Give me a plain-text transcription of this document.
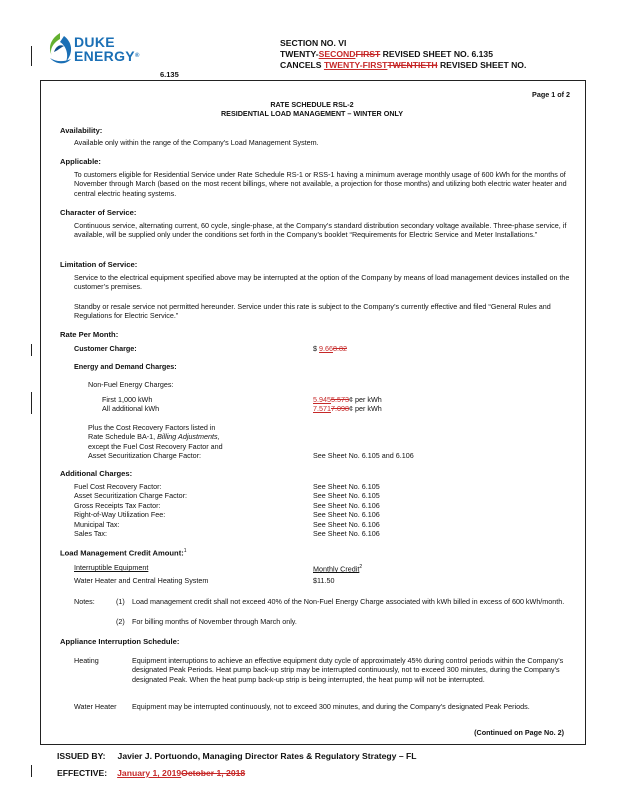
DUKE
ENERGY®
SECTION NO. VI
TWENTY-SECONDFIRST REVISED SHEET NO. 6.135
CANCELS TWENTY-FIRSTTWENTIETH REVISED SHEET NO.
6.135
Page 1 of 2
RATE SCHEDULE RSL-2
RESIDENTIAL LOAD MANAGEMENT – WINTER ONLY
Availability:
Available only within the range of the Company’s Load Management System.
Applicable:
To customers eligible for Residential Service under Rate Schedule RS-1 or RSS-1 having a minimum average monthly usage of 600 kWh for the months of November through March (based on the most recent billings, where not available, a projection for those months) and utilizing both electric water heater and central electric heating systems.
Character of Service:
Continuous service, alternating current, 60 cycle, single-phase, at the Company’s standard distribution secondary voltage available. Three-phase service, if available, will be supplied only under the conditions set forth in the Company’s booklet “Requirements for Electric Service and Meter Installations.”
Limitation of Service:
Service to the electrical equipment specified above may be interrupted at the option of the Company by means of load management devices installed on the customer’s premises.
Standby or resale service not permitted hereunder. Service under this rate is subject to the Company’s currently effective and filed “General Rules and Regulations for Electric Service.”
Rate Per Month:
Customer Charge:	$ 9.668.82
Energy and Demand Charges:
Non-Fuel Energy Charges:
First 1,000 kWh	5.9455.573¢ per kWh
All additional kWh	7.5717.098¢ per kWh
Plus the Cost Recovery Factors listed in
Rate Schedule BA-1, Billing Adjustments,
except the Fuel Cost Recovery Factor and
Asset Securitization Charge Factor:	See Sheet No. 6.105 and 6.106
Additional Charges:
Fuel Cost Recovery Factor:	See Sheet No. 6.105
Asset Securitization Charge Factor:	See Sheet No. 6.105
Gross Receipts Tax Factor:	See Sheet No. 6.106
Right-of-Way Utilization Fee:	See Sheet No. 6.106
Municipal Tax:	See Sheet No. 6.106
Sales Tax:	See Sheet No. 6.106
Load Management Credit Amount:$^1$
Interruptible Equipment	Monthly Credit$^2$
Water Heater and Central Heating System	$11.50
Notes:	(1) Load management credit shall not exceed 40% of the Non-Fuel Energy Charge associated with kWh billed in excess of 600 kWh/month.
(2) For billing months of November through March only.
Appliance Interruption Schedule:
Heating	Equipment interruptions to achieve an effective equipment duty cycle of approximately 45% during control periods within the Company’s designated Peak Periods. Heat pump back-up strip may be interrupted continuously, not to exceed 300 minutes, during the Company's designated Peak. When the heat pump back-up strip is being interrupted, the heat pump will not be interrupted.
Water Heater Equipment may be interrupted continuously, not to exceed 300 minutes, and during the Company’s designated Peak Periods.
(Continued on Page No. 2)
ISSUED BY: Javier J. Portuondo, Managing Director Rates & Regulatory Strategy – FL
EFFECTIVE: January 1, 2019October 1, 2018
